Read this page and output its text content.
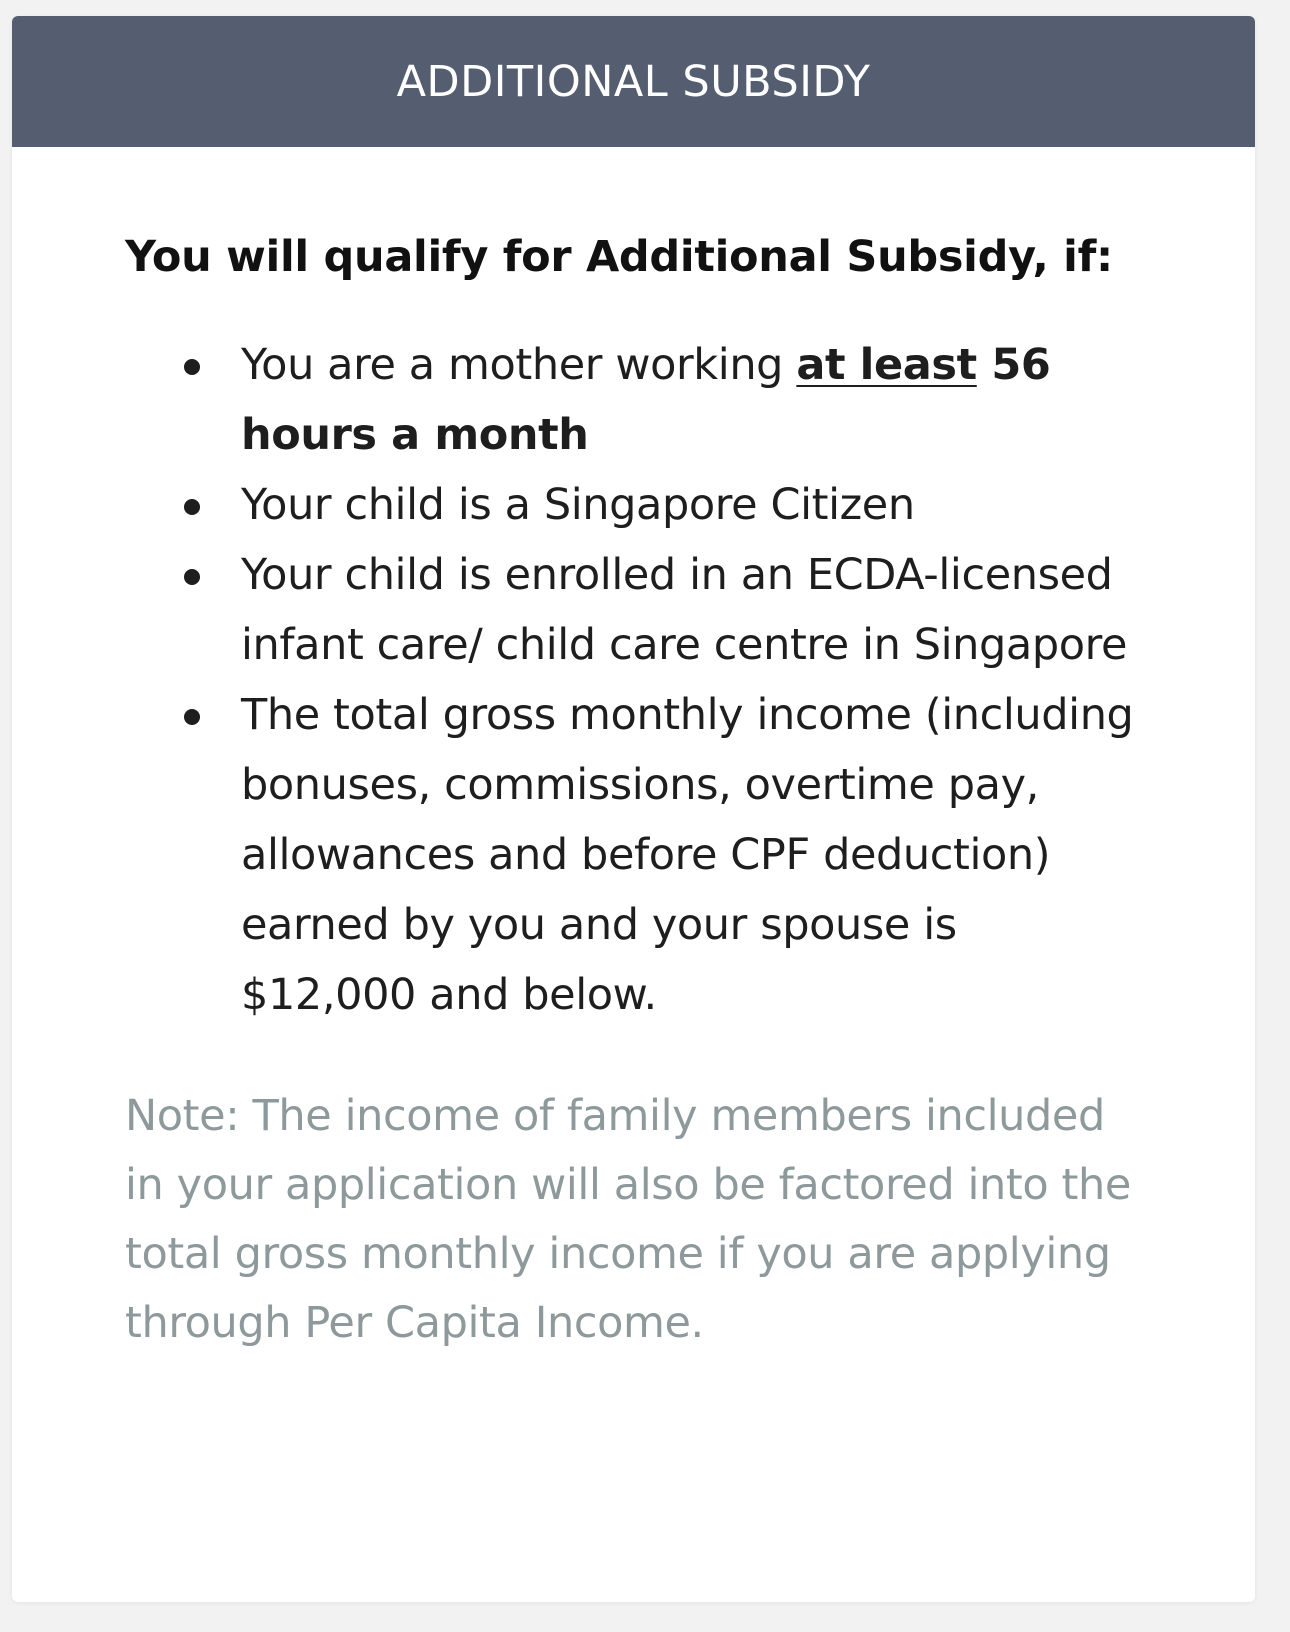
ADDITIONAL SUBSIDY

You will qualify for Additional Subsidy, if:

You are a mother working at least 56 hours a month
Your child is a Singapore Citizen
Your child is enrolled in an ECDA-licensed infant care/ child care centre in Singapore
The total gross monthly income (including bonuses, commissions, overtime pay, allowances and before CPF deduction) earned by you and your spouse is $12,000 and below.

Note: The income of family members included in your application will also be factored into the total gross monthly income if you are applying through Per Capita Income.
